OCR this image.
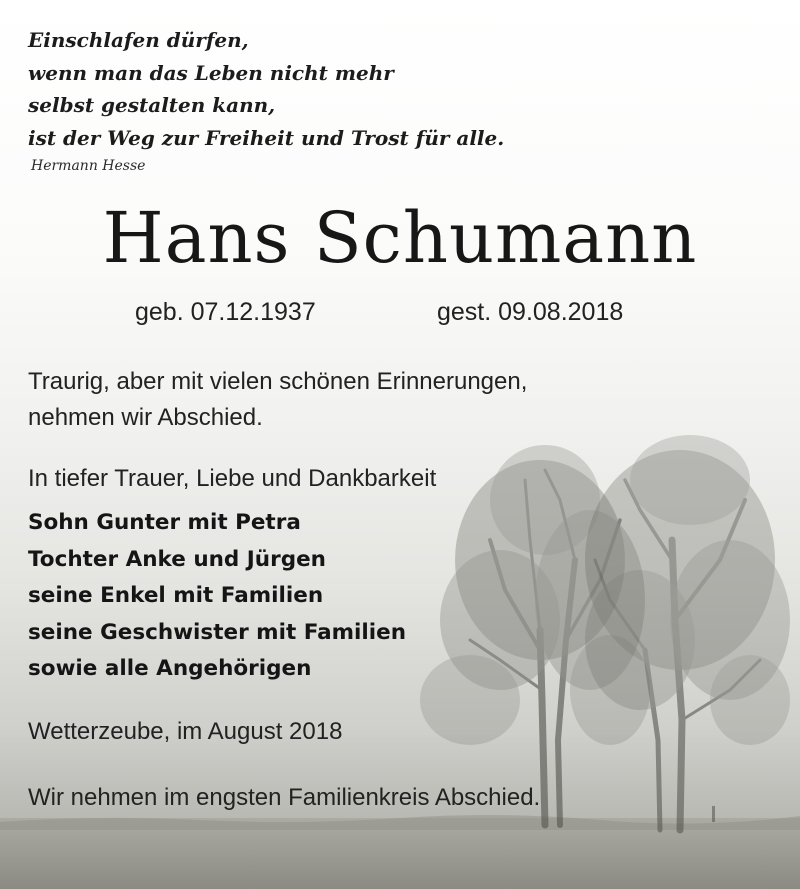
Einschlafen dürfen,
wenn man das Leben nicht mehr
selbst gestalten kann,
ist der Weg zur Freiheit und Trost für alle.
Hermann Hesse
Hans Schumann
geb. 07.12.1937	gest. 09.08.2018
Traurig, aber mit vielen schönen Erinnerungen,
nehmen wir Abschied.
In tiefer Trauer, Liebe und Dankbarkeit
Sohn Gunter mit Petra
Tochter Anke und Jürgen
seine Enkel mit Familien
seine Geschwister mit Familien
sowie alle Angehörigen
Wetterzeube, im August 2018
Wir nehmen im engsten Familienkreis Abschied.
